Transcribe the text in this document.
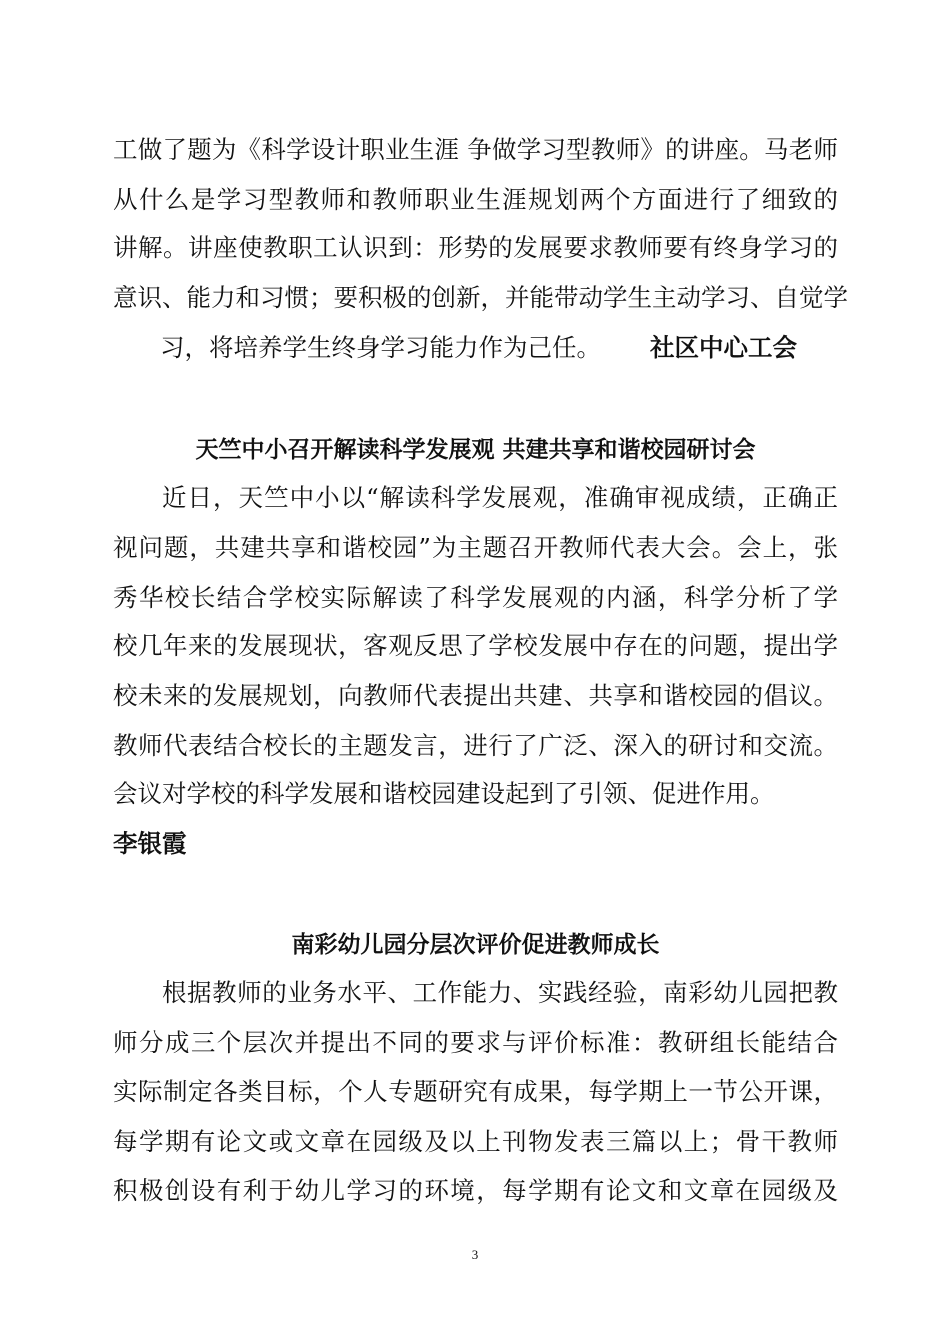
工做了题为《科学设计职业生涯 争做学习型教师》的讲座。马老师
从什么是学习型教师和教师职业生涯规划两个方面进行了细致的
讲解。讲座使教职工认识到：形势的发展要求教师要有终身学习的
意识、能力和习惯；要积极的创新，并能带动学生主动学习、自觉学
习，将培养学生终身学习能力作为己任。 社区中心工会
天竺中小召开解读科学发展观 共建共享和谐校园研讨会
近日，天竺中小以“解读科学发展观，准确审视成绩，正确正
视问题，共建共享和谐校园”为主题召开教师代表大会。会上，张
秀华校长结合学校实际解读了科学发展观的内涵，科学分析了学
校几年来的发展现状，客观反思了学校发展中存在的问题，提出学
校未来的发展规划，向教师代表提出共建、共享和谐校园的倡议。
教师代表结合校长的主题发言，进行了广泛、深入的研讨和交流。
会议对学校的科学发展和谐校园建设起到了引领、促进作用。
李银霞
南彩幼儿园分层次评价促进教师成长
根据教师的业务水平、工作能力、实践经验，南彩幼儿园把教
师分成三个层次并提出不同的要求与评价标准：教研组长能结合
实际制定各类目标，个人专题研究有成果，每学期上一节公开课，
每学期有论文或文章在园级及以上刊物发表三篇以上；骨干教师
积极创设有利于幼儿学习的环境，每学期有论文和文章在园级及
3
